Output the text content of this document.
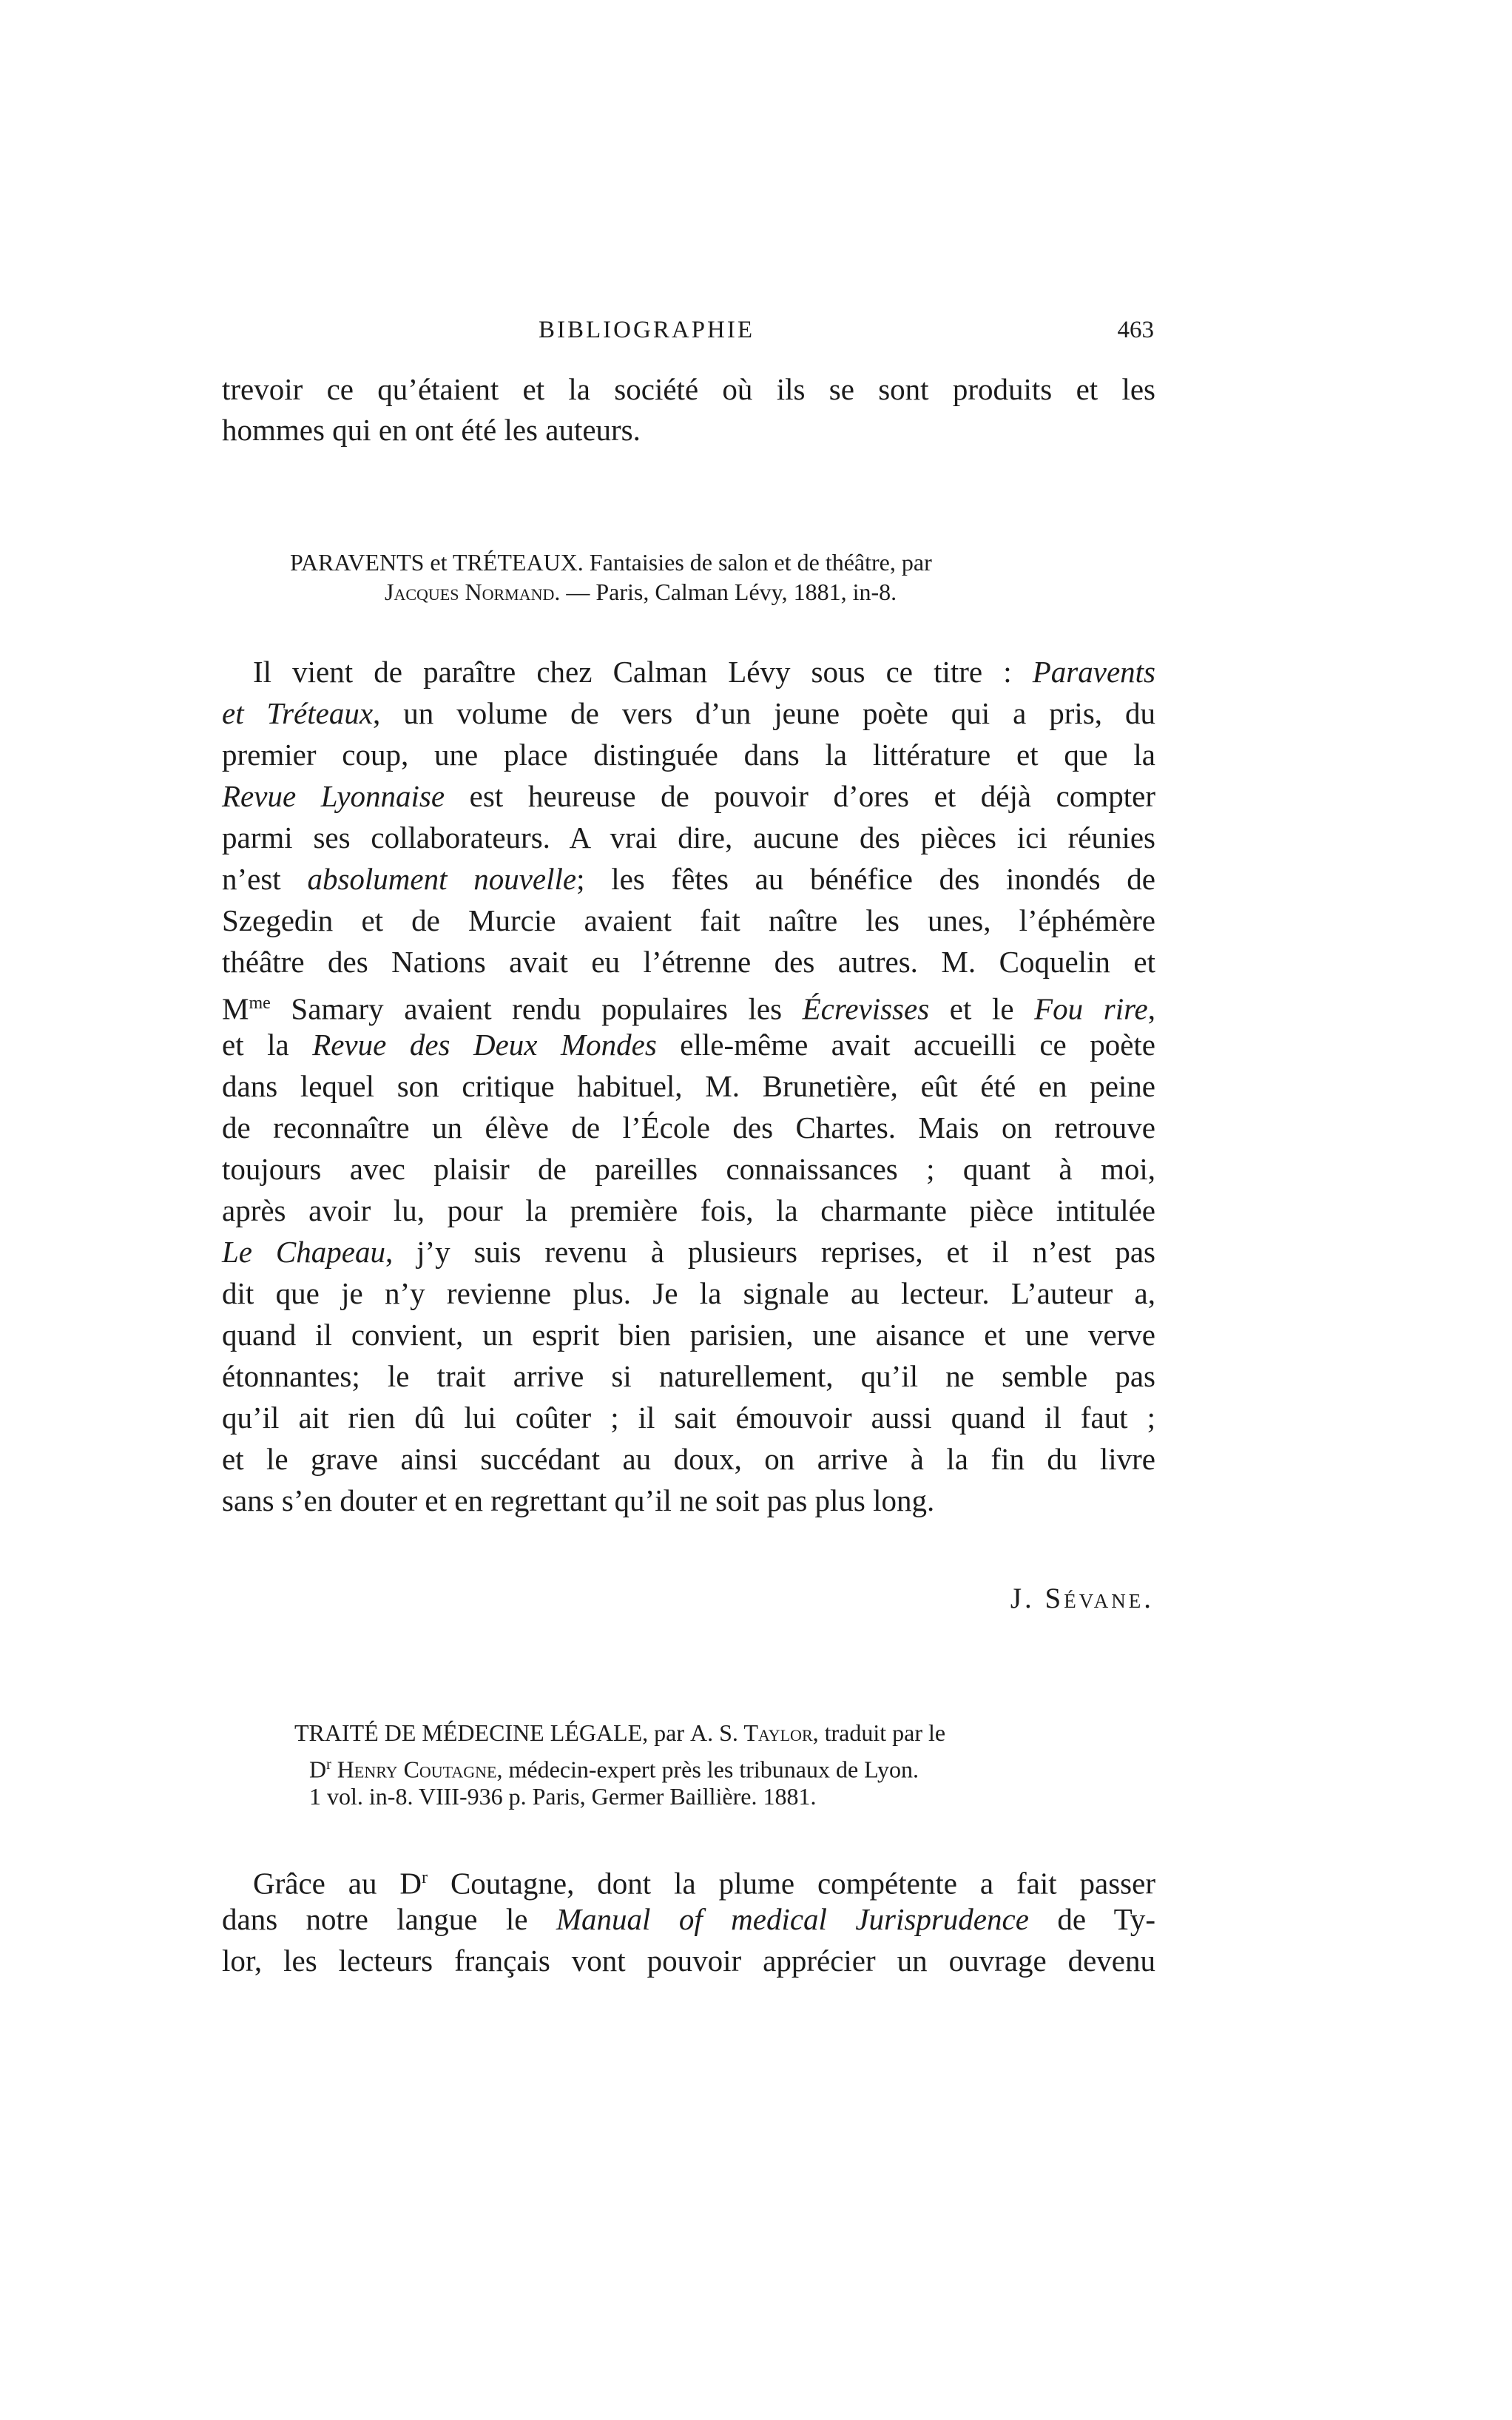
BIBLIOGRAPHIE	463
trevoir ce qu’étaient et la société où ils se sont produits et les
hommes qui en ont été les auteurs.
PARAVENTS et TRÉTEAUX. Fantaisies de salon et de théâtre, par
Jacques Normand. — Paris, Calman Lévy, 1881, in-8.
Il vient de paraître chez Calman Lévy sous ce titre : Paravents
et Tréteaux, un volume de vers d’un jeune poète qui a pris, du
premier coup, une place distinguée dans la littérature et que la
Revue Lyonnaise est heureuse de pouvoir d’ores et déjà compter
parmi ses collaborateurs. A vrai dire, aucune des pièces ici réunies
n’est absolument nouvelle; les fêtes au bénéfice des inondés de
Szegedin et de Murcie avaient fait naître les unes, l’éphémère
théâtre des Nations avait eu l’étrenne des autres. M. Coquelin et
$M^{me}$ Samary avaient rendu populaires les Écrevisses et le Fou rire,
et la Revue des Deux Mondes elle-même avait accueilli ce poète
dans lequel son critique habituel, M. Brunetière, eût été en peine
de reconnaître un élève de l’École des Chartes. Mais on retrouve
toujours avec plaisir de pareilles connaissances ; quant à moi,
après avoir lu, pour la première fois, la charmante pièce intitulée
Le Chapeau, j’y suis revenu à plusieurs reprises, et il n’est pas
dit que je n’y revienne plus. Je la signale au lecteur. L’auteur a,
quand il convient, un esprit bien parisien, une aisance et une verve
étonnantes; le trait arrive si naturellement, qu’il ne semble pas
qu’il ait rien dû lui coûter ; il sait émouvoir aussi quand il faut ;
et le grave ainsi succédant au doux, on arrive à la fin du livre
sans s’en douter et en regrettant qu’il ne soit pas plus long.
J. Sévane.
TRAITÉ DE MÉDECINE LÉGALE, par A. S. Taylor, traduit par le
$D^r$ Henry Coutagne, médecin-expert près les tribunaux de Lyon.
1 vol. in-8. VIII-936 p. Paris, Germer Baillière. 1881.
Grâce au $D^r$ Coutagne, dont la plume compétente a fait passer
dans notre langue le Manual of medical Jurisprudence de Ty-
lor, les lecteurs français vont pouvoir apprécier un ouvrage devenu
